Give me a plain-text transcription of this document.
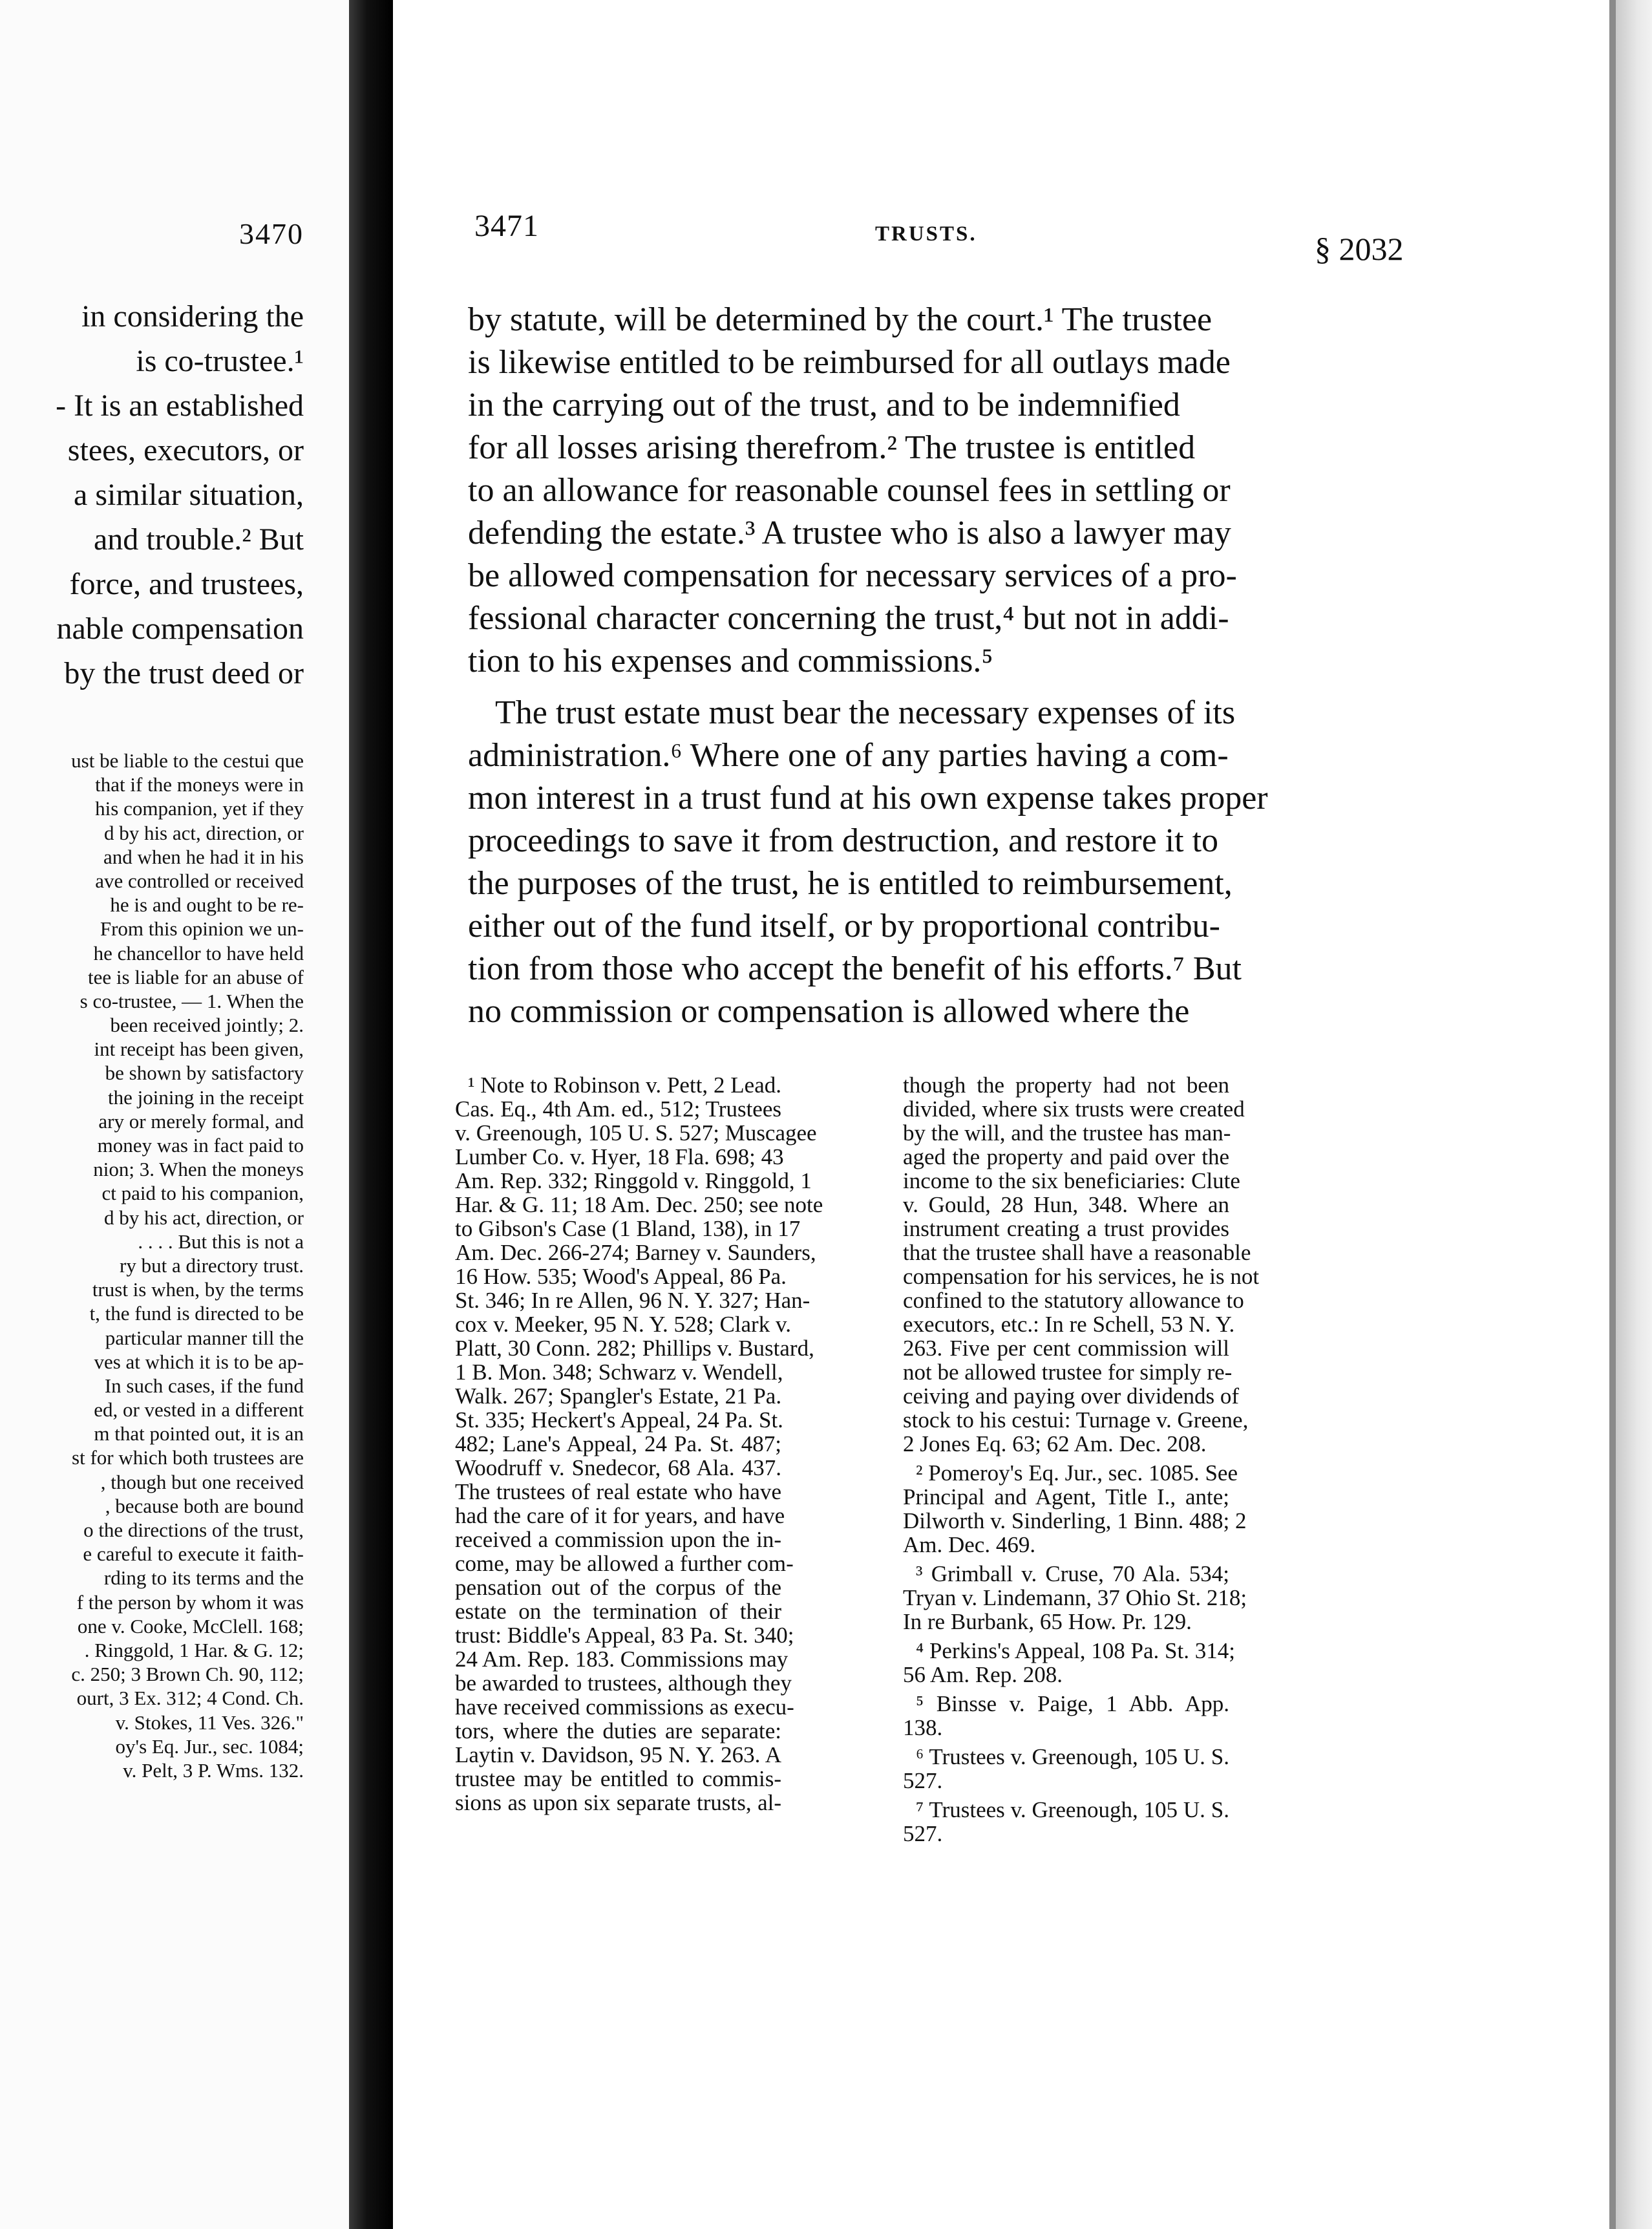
3470
in considering the
is co-trustee.¹
- It is an established
stees, executors, or
a similar situation,
and trouble.² But
force, and trustees,
nable compensation
by the trust deed or
ust be liable to the cestui que
that if the moneys were in
his companion, yet if they
d by his act, direction, or
and when he had it in his
ave controlled or received
he is and ought to be re-
From this opinion we un-
he chancellor to have held
tee is liable for an abuse of
s co-trustee, — 1. When the
been received jointly; 2.
int receipt has been given,
be shown by satisfactory
the joining in the receipt
ary or merely formal, and
money was in fact paid to
nion; 3. When the moneys
ct paid to his companion,
d by his act, direction, or
. . . . But this is not a
ry but a directory trust.
trust is when, by the terms
t, the fund is directed to be
particular manner till the
ves at which it is to be ap-
In such cases, if the fund
ed, or vested in a different
m that pointed out, it is an
st for which both trustees are
, though but one received
, because both are bound
o the directions of the trust,
e careful to execute it faith-
rding to its terms and the
f the person by whom it was
one v. Cooke, McClell. 168;
. Ringgold, 1 Har. & G. 12;
c. 250; 3 Brown Ch. 90, 112;
ourt, 3 Ex. 312; 4 Cond. Ch.
v. Stokes, 11 Ves. 326."
oy's Eq. Jur., sec. 1084;
v. Pelt, 3 P. Wms. 132.
3471	TRUSTS.	§ 2032

by statute, will be determined by the court.¹ The trustee
is likewise entitled to be reimbursed for all outlays made
in the carrying out of the trust, and to be indemnified
for all losses arising therefrom.² The trustee is entitled
to an allowance for reasonable counsel fees in settling or
defending the estate.³ A trustee who is also a lawyer may
be allowed compensation for necessary services of a pro-
fessional character concerning the trust,⁴ but not in addi-
tion to his expenses and commissions.⁵

The trust estate must bear the necessary expenses of its
administration.⁶ Where one of any parties having a com-
mon interest in a trust fund at his own expense takes proper
proceedings to save it from destruction, and restore it to
the purposes of the trust, he is entitled to reimbursement,
either out of the fund itself, or by proportional contribu-
tion from those who accept the benefit of his efforts.⁷ But
no commission or compensation is allowed where the

¹ Note to Robinson v. Pett, 2 Lead.
Cas. Eq., 4th Am. ed., 512; Trustees
v. Greenough, 105 U. S. 527; Muscagee
Lumber Co. v. Hyer, 18 Fla. 698; 43
Am. Rep. 332; Ringgold v. Ringgold, 1
Har. & G. 11; 18 Am. Dec. 250; see note
to Gibson's Case (1 Bland, 138), in 17
Am. Dec. 266-274; Barney v. Saunders,
16 How. 535; Wood's Appeal, 86 Pa.
St. 346; In re Allen, 96 N. Y. 327; Han-
cox v. Meeker, 95 N. Y. 528; Clark v.
Platt, 30 Conn. 282; Phillips v. Bustard,
1 B. Mon. 348; Schwarz v. Wendell,
Walk. 267; Spangler's Estate, 21 Pa.
St. 335; Heckert's Appeal, 24 Pa. St.
482; Lane's Appeal, 24 Pa. St. 487;
Woodruff v. Snedecor, 68 Ala. 437.
The trustees of real estate who have
had the care of it for years, and have
received a commission upon the in-
come, may be allowed a further com-
pensation out of the corpus of the
estate on the termination of their
trust: Biddle's Appeal, 83 Pa. St. 340;
24 Am. Rep. 183. Commissions may
be awarded to trustees, although they
have received commissions as execu-
tors, where the duties are separate:
Laytin v. Davidson, 95 N. Y. 263. A
trustee may be entitled to commis-
sions as upon six separate trusts, al-
though the property had not been
divided, where six trusts were created
by the will, and the trustee has man-
aged the property and paid over the
income to the six beneficiaries: Clute
v. Gould, 28 Hun, 348. Where an
instrument creating a trust provides
that the trustee shall have a reasonable
compensation for his services, he is not
confined to the statutory allowance to
executors, etc.: In re Schell, 53 N. Y.
263. Five per cent commission will
not be allowed trustee for simply re-
ceiving and paying over dividends of
stock to his cestui: Turnage v. Greene,
2 Jones Eq. 63; 62 Am. Dec. 208.
² Pomeroy's Eq. Jur., sec. 1085. See
Principal and Agent, Title I., ante;
Dilworth v. Sinderling, 1 Binn. 488; 2
Am. Dec. 469.
³ Grimball v. Cruse, 70 Ala. 534;
Tryan v. Lindemann, 37 Ohio St. 218;
In re Burbank, 65 How. Pr. 129.
⁴ Perkins's Appeal, 108 Pa. St. 314;
56 Am. Rep. 208.
⁵ Binsse v. Paige, 1 Abb. App.
138.
⁶ Trustees v. Greenough, 105 U. S.
527.
⁷ Trustees v. Greenough, 105 U. S.
527.
